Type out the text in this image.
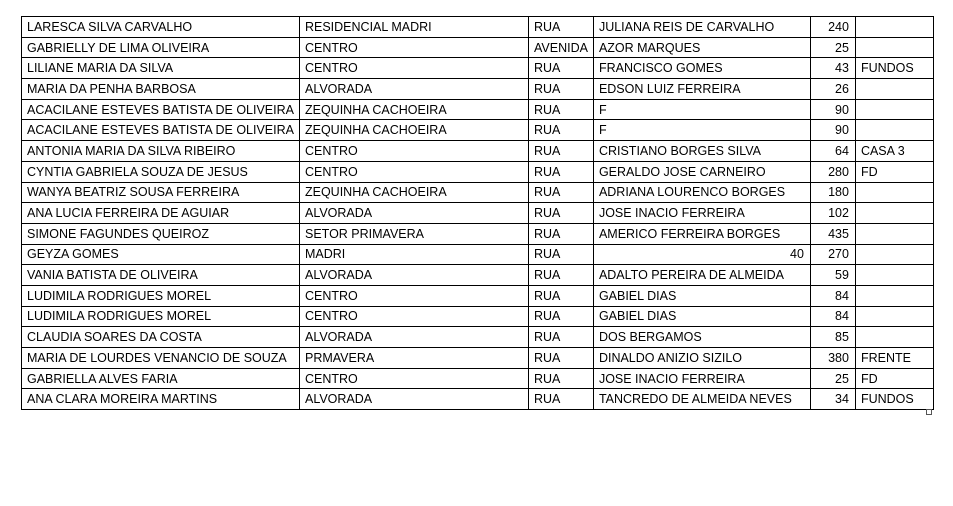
LARESCA SILVA CARVALHO	RESIDENCIAL MADRI	RUA	JULIANA REIS DE CARVALHO	240	
GABRIELLY DE LIMA OLIVEIRA	CENTRO	AVENIDA	AZOR MARQUES	25	
LILIANE MARIA DA SILVA	CENTRO	RUA	FRANCISCO GOMES	43	FUNDOS
MARIA DA PENHA BARBOSA	ALVORADA	RUA	EDSON LUIZ FERREIRA	26	
ACACILANE ESTEVES BATISTA DE OLIVEIRA	ZEQUINHA CACHOEIRA	RUA	F	90	
ACACILANE ESTEVES BATISTA DE OLIVEIRA	ZEQUINHA CACHOEIRA	RUA	F	90	
ANTONIA MARIA DA SILVA RIBEIRO	CENTRO	RUA	CRISTIANO BORGES SILVA	64	CASA 3
CYNTIA GABRIELA SOUZA DE JESUS	CENTRO	RUA	GERALDO JOSE CARNEIRO	280	FD
WANYA BEATRIZ SOUSA FERREIRA	ZEQUINHA CACHOEIRA	RUA	ADRIANA LOURENCO BORGES	180	
ANA LUCIA FERREIRA DE AGUIAR	ALVORADA	RUA	JOSE INACIO FERREIRA	102	
SIMONE FAGUNDES QUEIROZ	SETOR PRIMAVERA	RUA	AMERICO FERREIRA BORGES	435	
GEYZA GOMES	MADRI	RUA	40	270	
VANIA BATISTA DE OLIVEIRA	ALVORADA	RUA	ADALTO PEREIRA DE ALMEIDA	59	
LUDIMILA RODRIGUES MOREL	CENTRO	RUA	GABIEL DIAS	84	
LUDIMILA RODRIGUES MOREL	CENTRO	RUA	GABIEL DIAS	84	
CLAUDIA SOARES DA COSTA	ALVORADA	RUA	DOS BERGAMOS	85	
MARIA DE LOURDES VENANCIO DE SOUZA	PRMAVERA	RUA	DINALDO ANIZIO SIZILO	380	FRENTE
GABRIELLA ALVES FARIA	CENTRO	RUA	JOSE INACIO FERREIRA	25	FD
ANA CLARA MOREIRA MARTINS	ALVORADA	RUA	TANCREDO DE ALMEIDA NEVES	34	FUNDOS
